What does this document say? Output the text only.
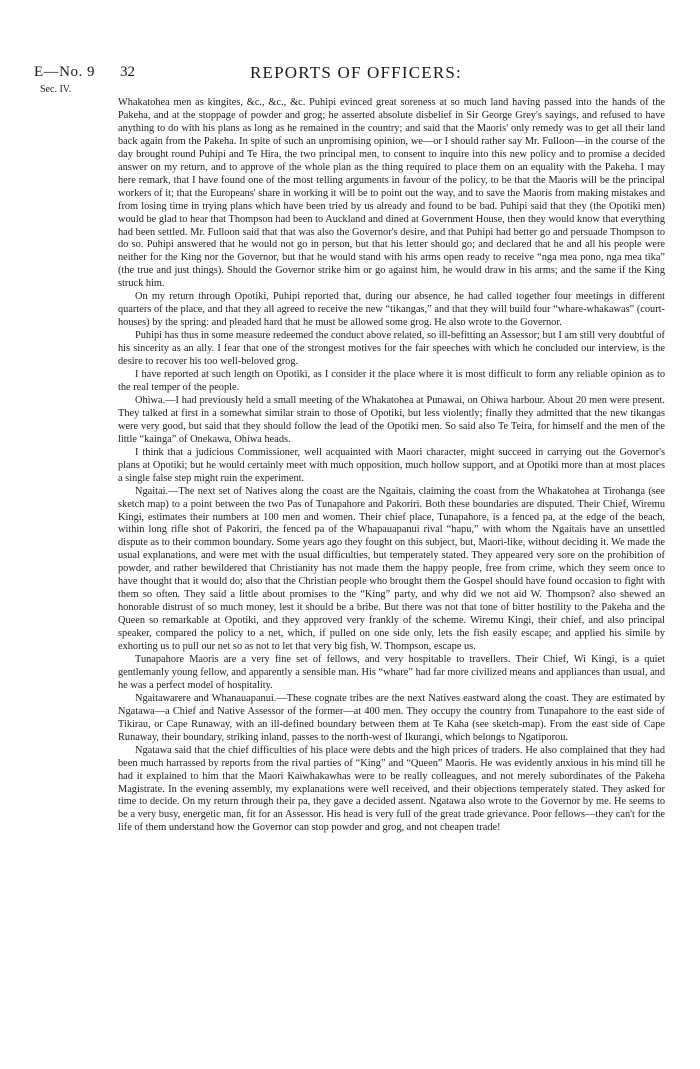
E—No. 9
Sec. IV.
32	REPORTS OF OFFICERS:

Whakatohea men as kingites, &c., &c., &c. Puhipi evinced great soreness at so much land having passed into the hands of the Pakeha, and at the stoppage of powder and grog; he asserted absolute disbelief in Sir George Grey's sayings, and refused to have anything to do with his plans as long as he remained in the country; and said that the Maoris' only remedy was to get all their land back again from the Pakeha. In spite of such an unpromising opinion, we—or I should rather say Mr. Fulloon—in the course of the day brought round Puhipi and Te Hira, the two principal men, to consent to inquire into this new policy and to promise a decided answer on my return, and to approve of the whole plan as the thing required to place them on an equality with the Pakeha. I may here remark, that I have found one of the most telling arguments in favour of the policy, to be that the Maoris will be the principal workers of it; that the Europeans' share in working it will be to point out the way, and to save the Maoris from making mistakes and from losing time in trying plans which have been tried by us already and found to be bad. Puhipi said that they (the Opotiki men) would be glad to hear that Thompson had been to Auckland and dined at Government House, then they would know that everything had been settled. Mr. Fulloon said that that was also the Governor's desire, and that Puhipi had better go and persuade Thompson to do so. Puhipi answered that he would not go in person, but that his letter should go; and declared that he and all his people were neither for the King nor the Governor, but that he would stand with his arms open ready to receive “nga mea pono, nga mea tika” (the true and just things). Should the Governor strike him or go against him, he would draw in his arms; and the same if the King struck him.

On my return through Opotiki, Puhipi reported that, during our absence, he had called together four meetings in different quarters of the place, and that they all agreed to receive the new “tikangas,” and that they will build four “whare-whakawas” (court-houses) by the spring: and pleaded hard that he must be allowed some grog. He also wrote to the Governor.

Puhipi has thus in some measure redeemed the conduct above related, so ill-befitting an Assessor; but I am still very doubtful of his sincerity as an ally. I fear that one of the strongest motives for the fair speeches with which he concluded our interview, is the desire to recover his too well-beloved grog.

I have reported at such length on Opotiki, as I consider it the place where it is most difficult to form any reliable opinion as to the real temper of the people.

Ohiwa.—I had previously held a small meeting of the Whakatohea at Punawai, on Ohiwa harbour. About 20 men were present. They talked at first in a somewhat similar strain to those of Opotiki, but less violently; finally they admitted that the new tikangas were very good, but said that they should follow the lead of the Opotiki men. So said also Te Teira, for himself and the men of the little “kainga” of Onekawa, Ohiwa heads.

I think that a judicious Commissioner, well acquainted with Maori character, might succeed in carrying out the Governor's plans at Opotiki; but he would certainly meet with much opposition, much hollow support, and at Opotiki more than at most places a single false step might ruin the experiment.

Ngaitai.—The next set of Natives along the coast are the Ngaitais, claiming the coast from the Whakatohea at Tirohanga (see sketch map) to a point between the two Pas of Tunapahore and Pakoriri. Both these boundaries are disputed. Their Chief, Wiremu Kingi, estimates their numbers at 100 men and women. Their chief place, Tunapahore, is a fenced pa, at the edge of the beach, within long rifle shot of Pakoriri, the fenced pa of the Whapauapanui rival “hapu,” with whom the Ngaitais have an unsettled dispute as to their common boundary. Some years ago they fought on this subject, but, Maori-like, without deciding it. We made the usual explanations, and were met with the usual difficulties, but temperately stated. They appeared very sore on the prohibition of powder, and rather bewildered that Christianity has not made them the happy people, free from crime, which they seem once to have thought that it would do; also that the Christian people who brought them the Gospel should have found occasion to fight with them so often. They said a little about promises to the “King” party, and why did we not aid W. Thompson? also shewed an honorable distrust of so much money, lest it should be a bribe. But there was not that tone of bitter hostility to the Pakeha and the Queen so remarkable at Opotiki, and they approved very frankly of the scheme. Wiremu Kingi, their chief, and also principal speaker, compared the policy to a net, which, if pulled on one side only, lets the fish easily escape; and applied his simile by exhorting us to pull our net so as not to let that very big fish, W. Thompson, escape us.

Tunapahore Maoris are a very fine set of fellows, and very hospitable to travellers. Their Chief, Wi Kingi, is a quiet gentlemanly young fellow, and apparently a sensible man. His “whare” had far more civilized means and appliances than usual, and he was a perfect model of hospitality.

Ngaitawarere and Whanauapanui.—These cognate tribes are the next Natives eastward along the coast. They are estimated by Ngatawa—a Chief and Native Assessor of the former—at 400 men. They occupy the country from Tunapahore to the east side of Tikirau, or Cape Runaway, with an ill-defined boundary between them at Te Kaha (see sketch-map). From the east side of Cape Runaway, their boundary, striking inland, passes to the north-west of Ikurangi, which belongs to Ngatiporou.

Ngatawa said that the chief difficulties of his place were debts and the high prices of traders. He also complained that they had been much harrassed by reports from the rival parties of “King” and “Queen” Maoris. He was evidently anxious in his mind till he had it explained to him that the Maori Kaiwhakawhas were to be really colleagues, and not merely subordinates of the Pakeha Magistrate. In the evening assembly, my explanations were well received, and their objections temperately stated. They asked for time to decide. On my return through their pa, they gave a decided assent. Ngatawa also wrote to the Governor by me. He seems to be a very busy, energetic man, fit for an Assessor. His head is very full of the great trade grievance. Poor fellows—they can't for the life of them understand how the Governor can stop powder and grog, and not cheapen trade!
